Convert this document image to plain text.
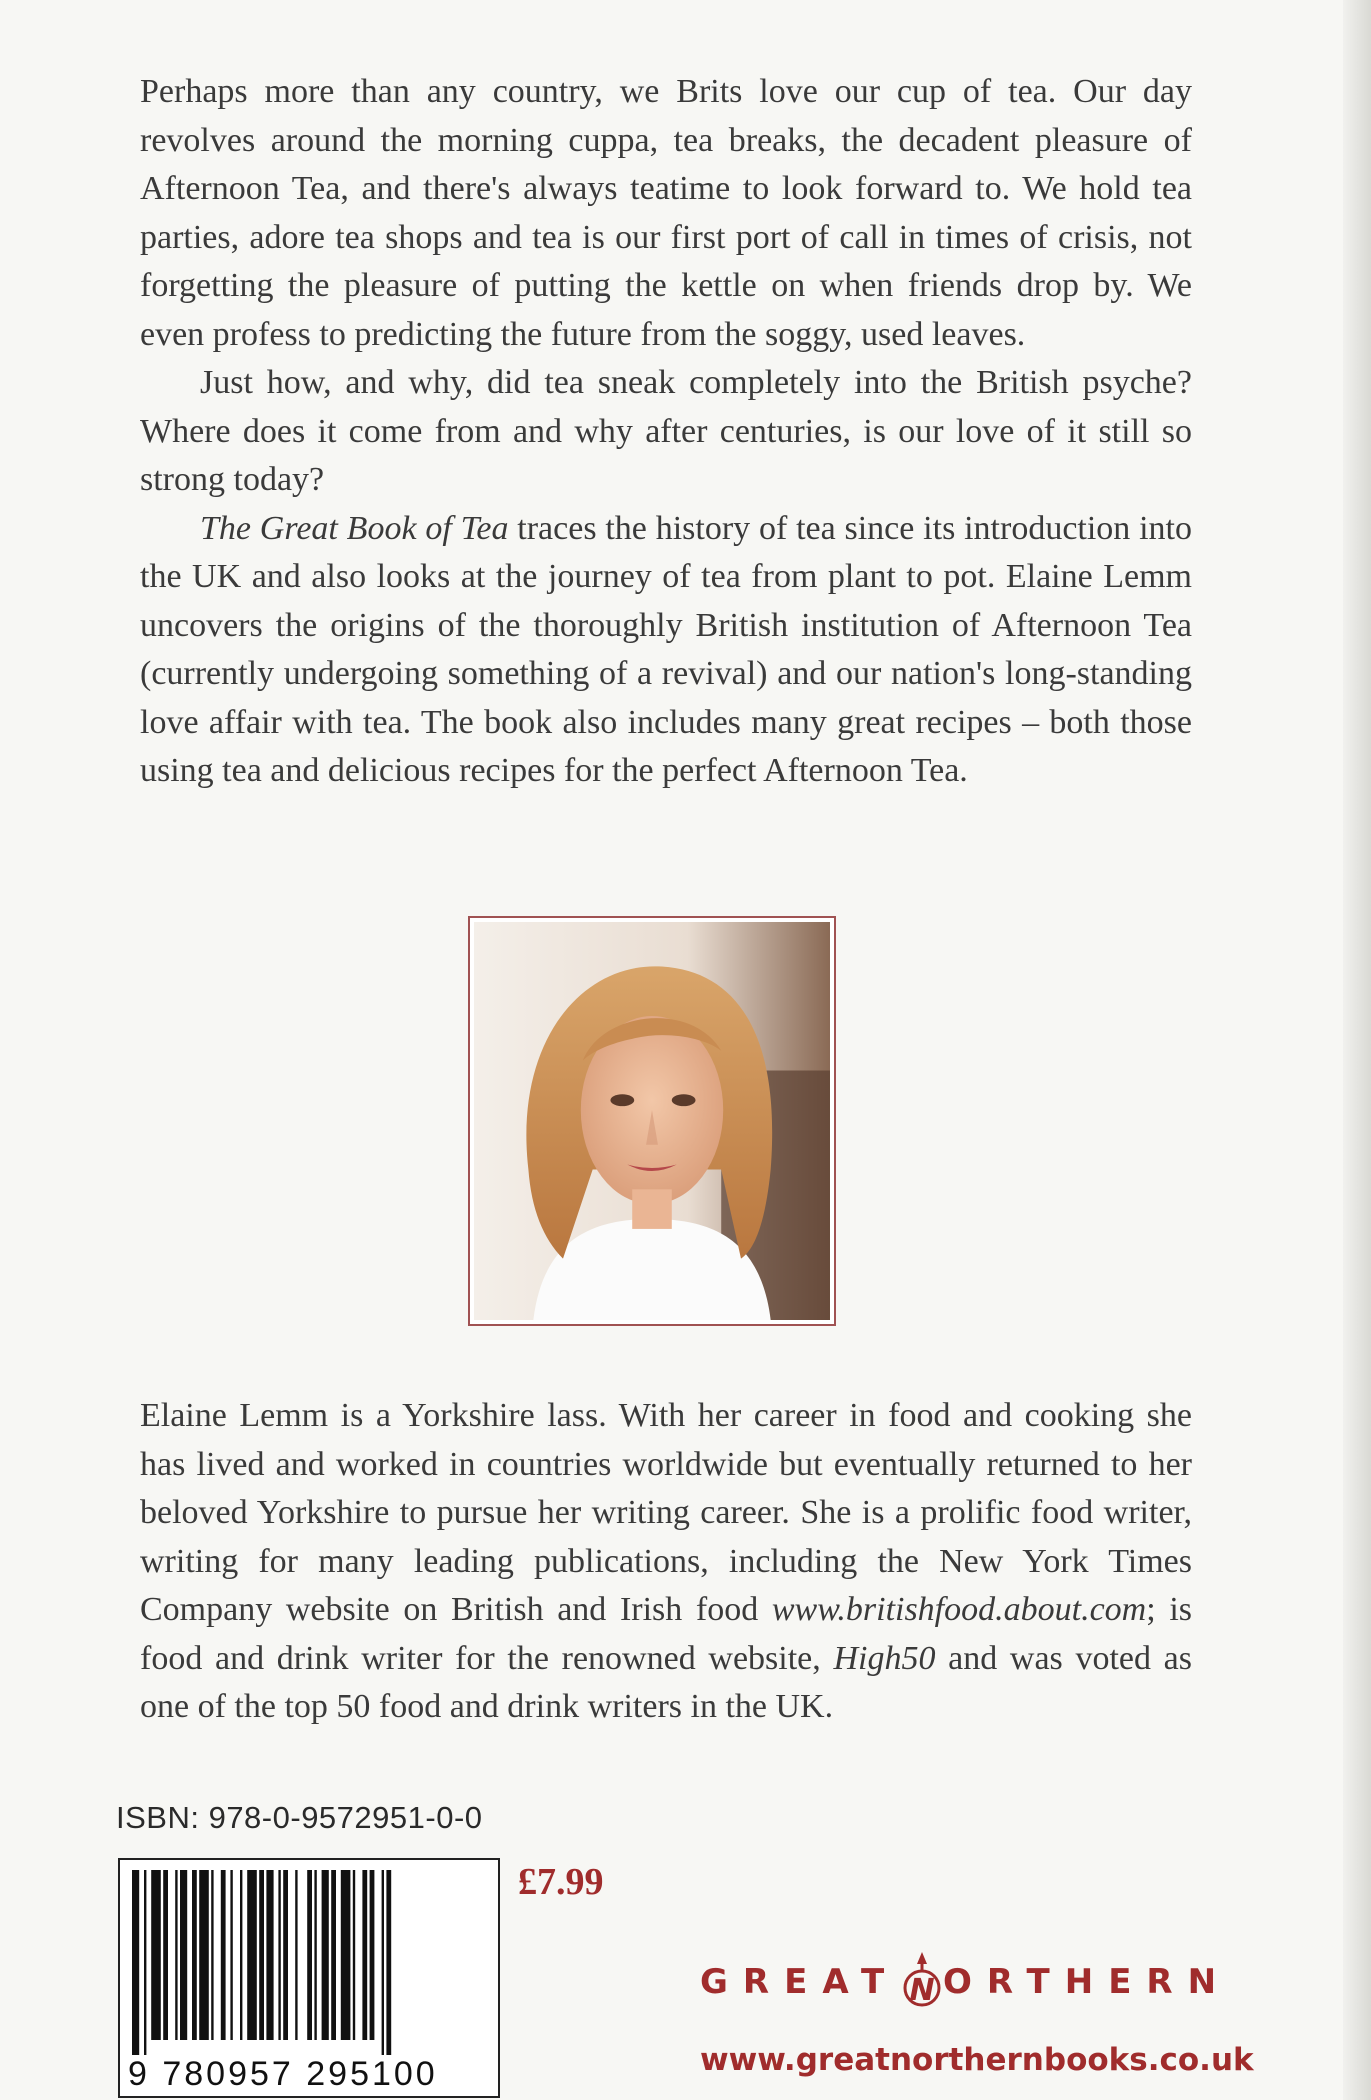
Perhaps more than any country, we Brits love our cup of tea. Our day revolves around the morning cuppa, tea breaks, the decadent pleasure of Afternoon Tea, and there's always teatime to look forward to. We hold tea parties, adore tea shops and tea is our first port of call in times of crisis, not forgetting the pleasure of putting the kettle on when friends drop by. We even profess to predicting the future from the soggy, used leaves.

Just how, and why, did tea sneak completely into the British psyche? Where does it come from and why after centuries, is our love of it still so strong today?

The Great Book of Tea traces the history of tea since its introduction into the UK and also looks at the journey of tea from plant to pot. Elaine Lemm uncovers the origins of the thoroughly British institution of Afternoon Tea (currently undergoing something of a revival) and our nation's long-standing love affair with tea. The book also includes many great recipes – both those using tea and delicious recipes for the perfect Afternoon Tea.

Elaine Lemm is a Yorkshire lass. With her career in food and cooking she has lived and worked in countries worldwide but eventually returned to her beloved Yorkshire to pursue her writing career. She is a prolific food writer, writing for many leading publications, including the New York Times Company website on British and Irish food www.britishfood.about.com; is food and drink writer for the renowned website, High50 and was voted as one of the top 50 food and drink writers in the UK.
ISBN: 978-0-9572951-0-0
9 780957 295100
£7.99
GREAT N ORTHERN
www.greatnorthernbooks.co.uk
